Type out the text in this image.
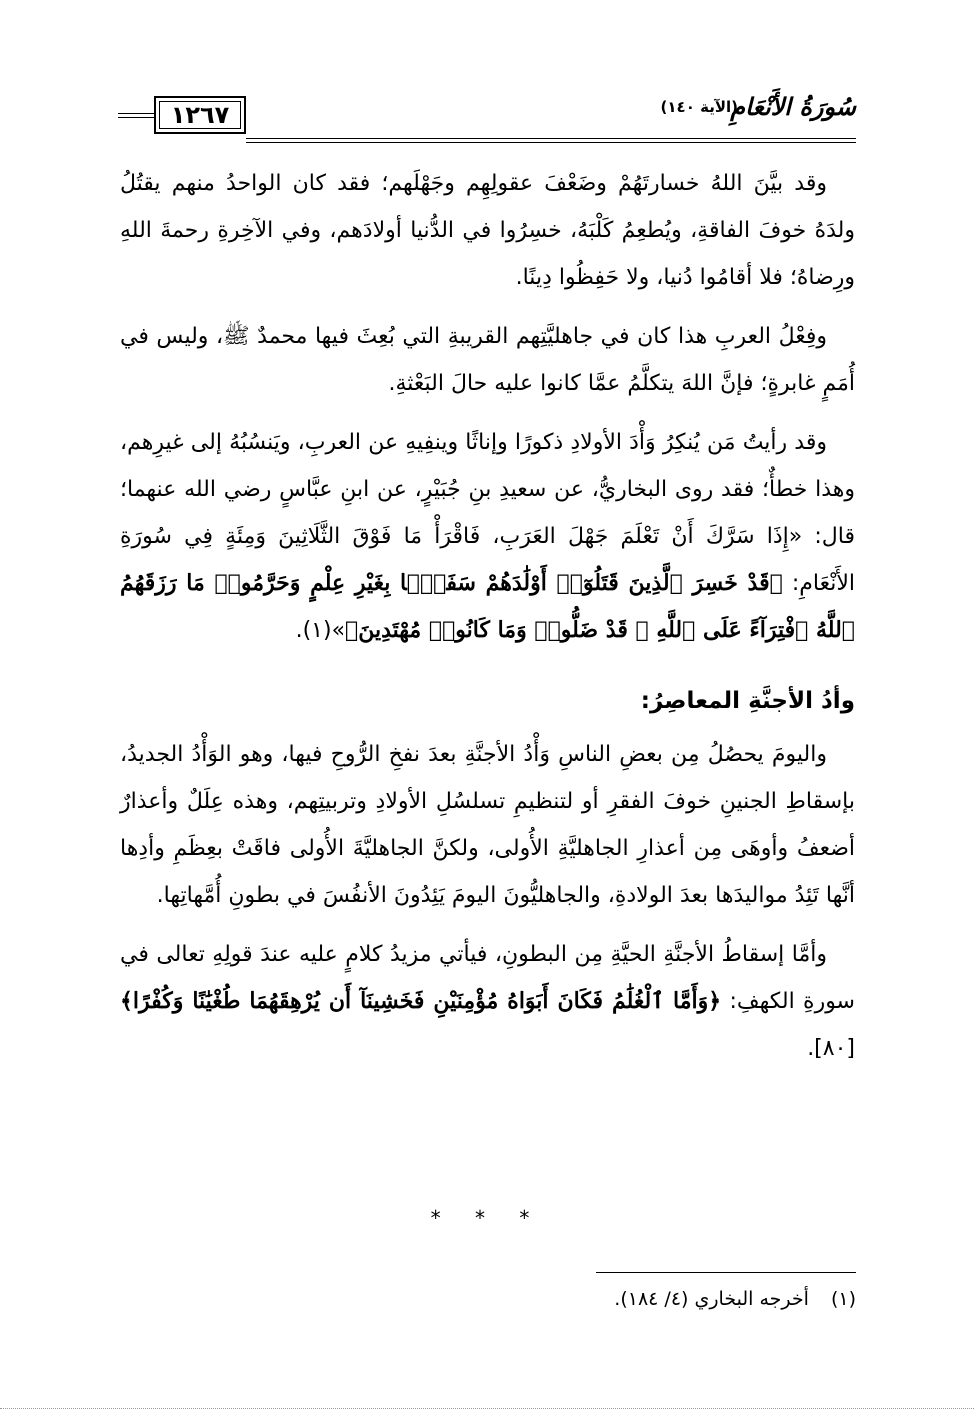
١٢٦٧	سُورَةُ الأَنْعَامِ
(الآية ١٤٠)

وقد بيَّنَ اللهُ خسارتَهُمْ وضَعْفَ عقولِهِم وجَهْلَهم؛ فقد كان الواحدُ منهم يقتُلُ ولدَهُ خوفَ الفاقةِ، ويُطعِمُ كَلْبَهُ، خسِرُوا في الدُّنيا أولادَهم، وفي الآخِرةِ رحمةَ اللهِ ورِضاهُ؛ فلا أقامُوا دُنيا، ولا حَفِظُوا دِينًا.

وفِعْلُ العربِ هذا كان في جاهليَّتِهم القريبةِ التي بُعِثَ فيها محمدٌ ﷺ، وليس في أُمَمٍ غابرةٍ؛ فإنَّ اللهَ يتكلَّمُ عمَّا كانوا عليه حالَ البَعْثةِ.

وقد رأيتُ مَن يُنكِرُ وَأْدَ الأولادِ ذكورًا وإناثًا وينفِيهِ عن العربِ، ويَنسُبُهُ إلى غيرِهم، وهذا خطأٌ؛ فقد روى البخاريُّ، عن سعيدِ بنِ جُبَيْرٍ، عن ابنِ عبَّاسٍ رضي الله عنهما؛ قال: «إِذَا سَرَّكَ أَنْ تَعْلَمَ جَهْلَ العَرَبِ، فَاقْرَأْ مَا فَوْقَ الثَّلَاثِينَ وَمِئَةٍ فِي سُورَةِ الأَنْعَامِ: ﴿قَدْ خَسِرَ ٱلَّذِينَ قَتَلُوٓا۟ أَوْلَٰدَهُمْ سَفَهًۢا بِغَيْرِ عِلْمٍ وَحَرَّمُوا۟ مَا رَزَقَهُمُ ٱللَّهُ ٱفْتِرَآءً عَلَى ٱللَّهِ ۚ قَدْ ضَلُّوا۟ وَمَا كَانُوا۟ مُهْتَدِينَ﴾»(١).

وأدُ الأجنَّةِ المعاصِرُ:

واليومَ يحصُلُ مِن بعضِ الناسِ وَأْدُ الأجنَّةِ بعدَ نفخِ الرُّوحِ فيها، وهو الوَأْدُ الجديدُ، بإسقاطِ الجنينِ خوفَ الفقرِ أو لتنظيمِ تسلسُلِ الأولادِ وتربيتِهم، وهذه عِلَلٌ وأعذارٌ أضعفُ وأوهَى مِن أعذارِ الجاهليَّةِ الأُولى، ولكنَّ الجاهليَّةَ الأُولى فاقَتْ بعِظَمِ وأدِها أنَّها تَئِدُ مواليدَها بعدَ الولادةِ، والجاهليُّونَ اليومَ يَئِدُونَ الأنفُسَ في بطونِ أُمَّهاتِها.

وأمَّا إسقاطُ الأجنَّةِ الحيَّةِ مِن البطونِ، فيأتي مزيدُ كلامٍ عليه عندَ قولِهِ تعالى في سورةِ الكهفِ: ﴿وَأَمَّا ٱلْغُلَٰمُ فَكَانَ أَبَوَاهُ مُؤْمِنَيْنِ فَخَشِينَآ أَن يُرْهِقَهُمَا طُغْيَٰنًا وَكُفْرًا﴾ [٨٠].

* * *
(١) أخرجه البخاري (٤/ ١٨٤).
